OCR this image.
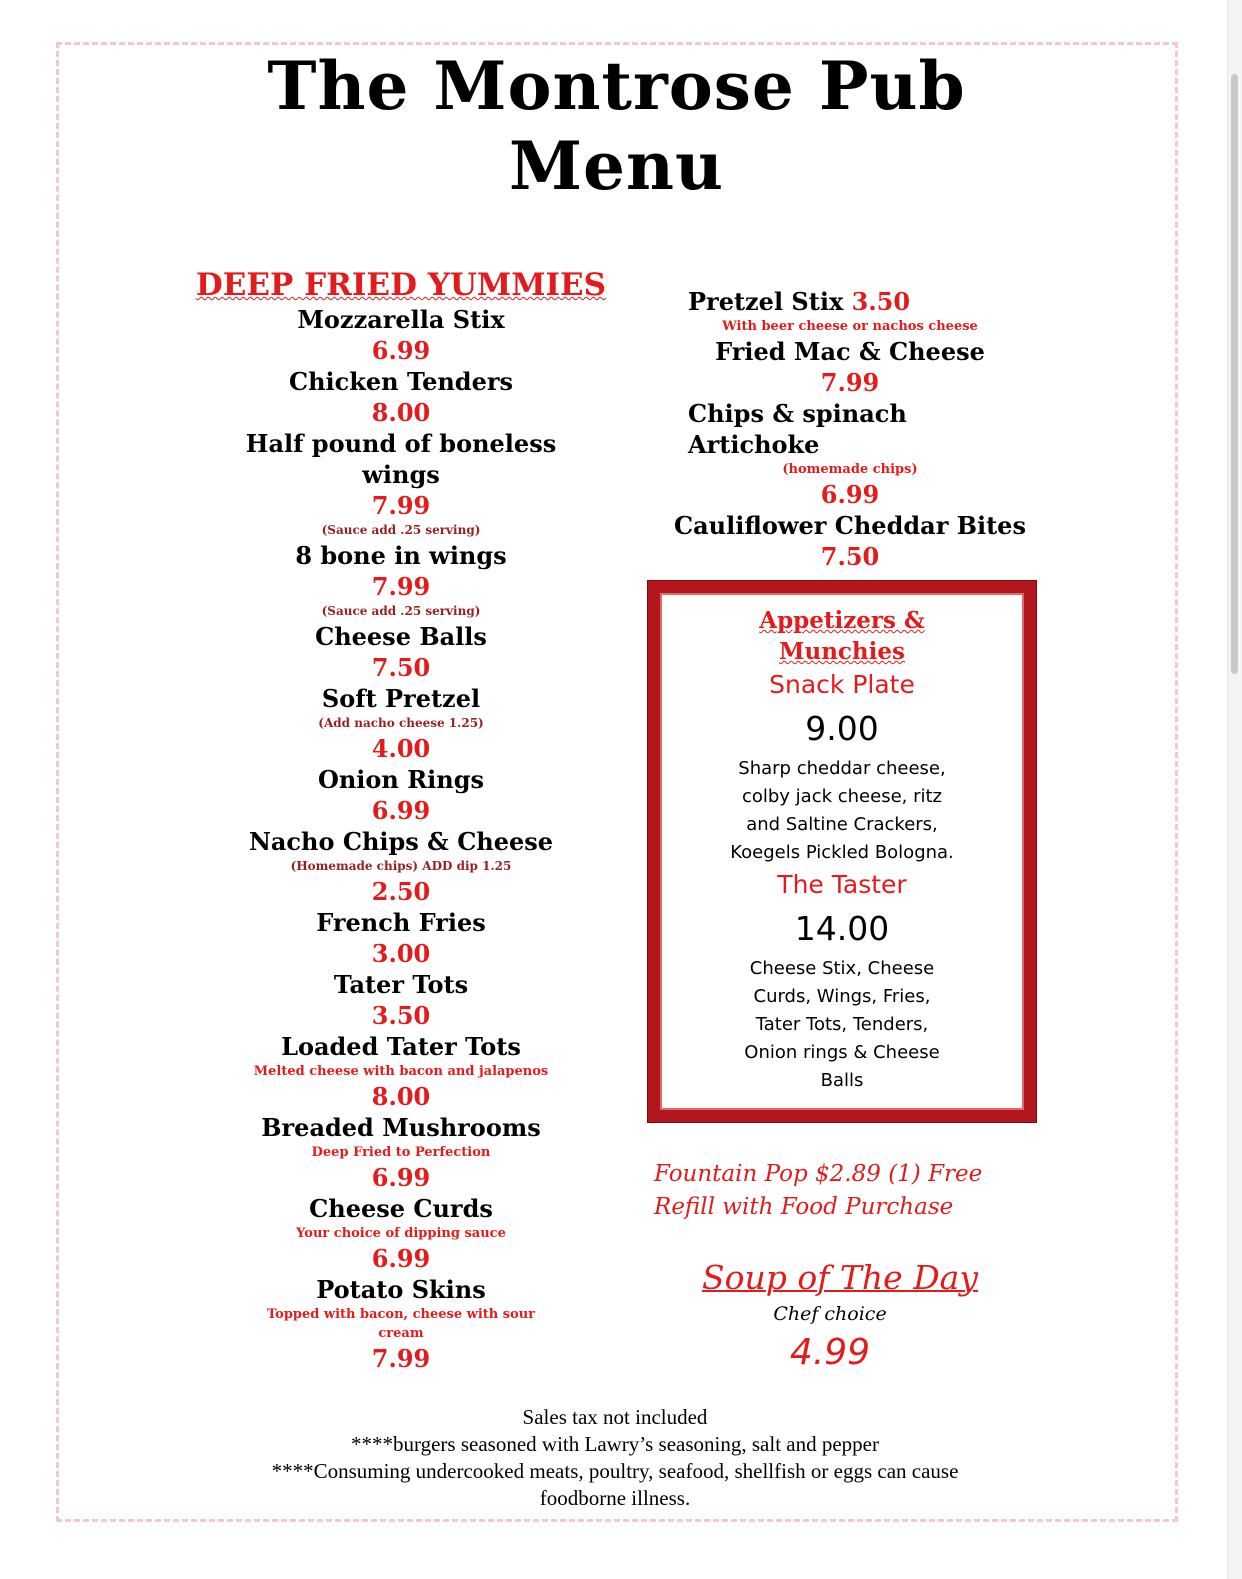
The Montrose Pub
Menu
DEEP FRIED YUMMIES
Mozzarella Stix
6.99
Chicken Tenders
8.00
Half pound of boneless
wings
7.99
(Sauce add .25 serving)
8 bone in wings
7.99
(Sauce add .25 serving)
Cheese Balls
7.50
Soft Pretzel
(Add nacho cheese 1.25)
4.00
Onion Rings
6.99
Nacho Chips & Cheese
(Homemade chips) ADD dip 1.25
2.50
French Fries
3.00
Tater Tots
3.50
Loaded Tater Tots
Melted cheese with bacon and jalapenos
8.00
Breaded Mushrooms
Deep Fried to Perfection
6.99
Cheese Curds
Your choice of dipping sauce
6.99
Potato Skins
Topped with bacon, cheese with sour
cream
7.99
Pretzel Stix 3.50
With beer cheese or nachos cheese
Fried Mac & Cheese
7.99
Chips & spinach
Artichoke
(homemade chips)
6.99
Cauliflower Cheddar Bites
7.50
Appetizers &
Munchies
Snack Plate
9.00
Sharp cheddar cheese,
colby jack cheese, ritz
and Saltine Crackers,
Koegels Pickled Bologna.
The Taster
14.00
Cheese Stix, Cheese
Curds, Wings, Fries,
Tater Tots, Tenders,
Onion rings & Cheese
Balls
Fountain Pop $2.89 (1) Free
Refill with Food Purchase
Soup of The Day
Chef choice
4.99
Sales tax not included
****burgers seasoned with Lawry’s seasoning, salt and pepper
****Consuming undercooked meats, poultry, seafood, shellfish or eggs can cause
foodborne illness.
